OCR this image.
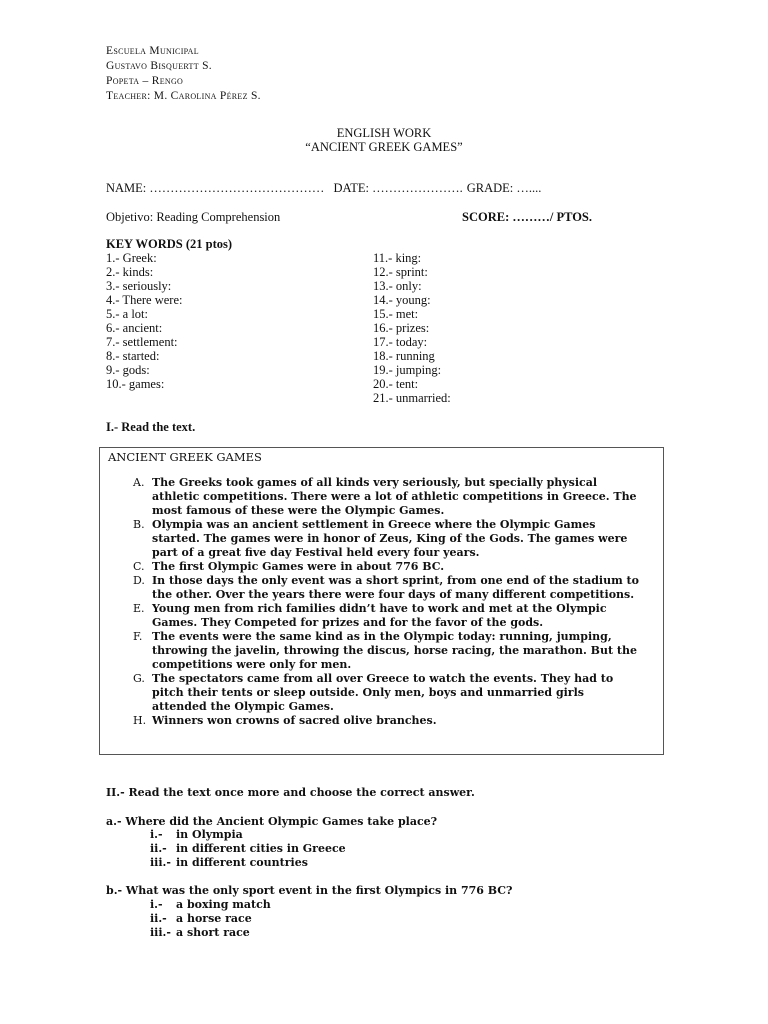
Escuela Municipal
Gustavo Bisquertt S.
Popeta – Rengo
Teacher: M. Carolina Pérez S.
ENGLISH WORK
“ANCIENT GREEK GAMES”
NAME: …………………………………… DATE: …………………. GRADE: …....
Objetivo: Reading Comprehension	SCORE: ………/ PTOS.
KEY WORDS (21 ptos)
1.- Greek:
2.- kinds:
3.- seriously:
4.- There were:
5.- a lot:
6.- ancient:
7.- settlement:
8.- started:
9.- gods:
10.- games:
11.- king:
12.- sprint:
13.- only:
14.- young:
15.- met:
16.- prizes:
17.- today:
18.- running
19.- jumping:
20.- tent:
21.- unmarried:
I.- Read the text.
ANCIENT GREEK GAMES
A. The Greeks took games of all kinds very seriously, but specially physical
athletic competitions. There were a lot of athletic competitions in Greece. The
most famous of these were the Olympic Games.
B. Olympia was an ancient settlement in Greece where the Olympic Games
started. The games were in honor of Zeus, King of the Gods. The games were
part of a great five day Festival held every four years.
C. The first Olympic Games were in about 776 BC.
D. In those days the only event was a short sprint, from one end of the stadium to
the other. Over the years there were four days of many different competitions.
E. Young men from rich families didn’t have to work and met at the Olympic
Games. They Competed for prizes and for the favor of the gods.
F. The events were the same kind as in the Olympic today: running, jumping,
throwing the javelin, throwing the discus, horse racing, the marathon. But the
competitions were only for men.
G. The spectators came from all over Greece to watch the events. They had to
pitch their tents or sleep outside. Only men, boys and unmarried girls
attended the Olympic Games.
H. Winners won crowns of sacred olive branches.
II.- Read the text once more and choose the correct answer.
a.- Where did the Ancient Olympic Games take place?
i.- in Olympia
ii.- in different cities in Greece
iii.- in different countries
b.- What was the only sport event in the first Olympics in 776 BC?
i.- a boxing match
ii.- a horse race
iii.- a short race
